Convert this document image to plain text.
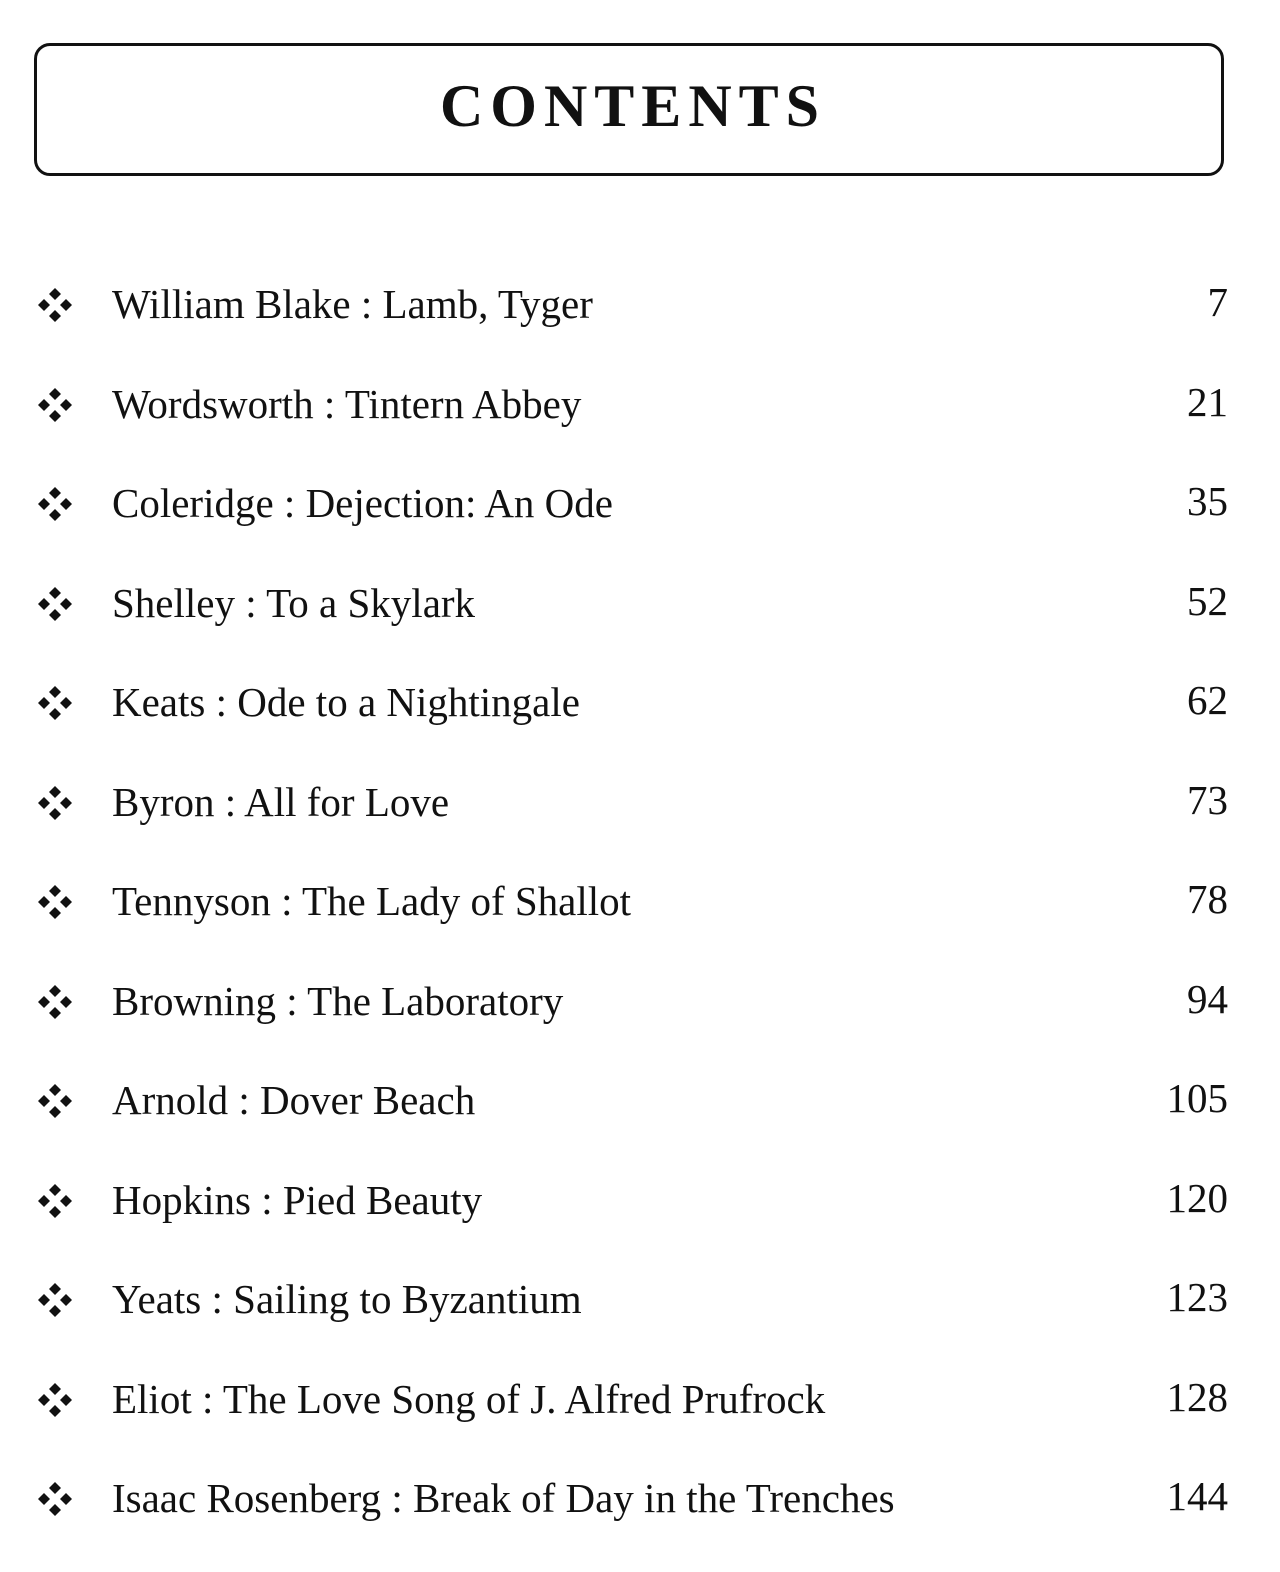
CONTENTS
William Blake : Lamb, Tyger	7
Wordsworth : Tintern Abbey	21
Coleridge : Dejection: An Ode	35
Shelley : To a Skylark	52
Keats : Ode to a Nightingale	62
Byron : All for Love	73
Tennyson : The Lady of Shallot	78
Browning : The Laboratory	94
Arnold : Dover Beach	105
Hopkins : Pied Beauty	120
Yeats : Sailing to Byzantium	123
Eliot : The Love Song of J. Alfred Prufrock	128
Isaac Rosenberg : Break of Day in the Trenches	144
